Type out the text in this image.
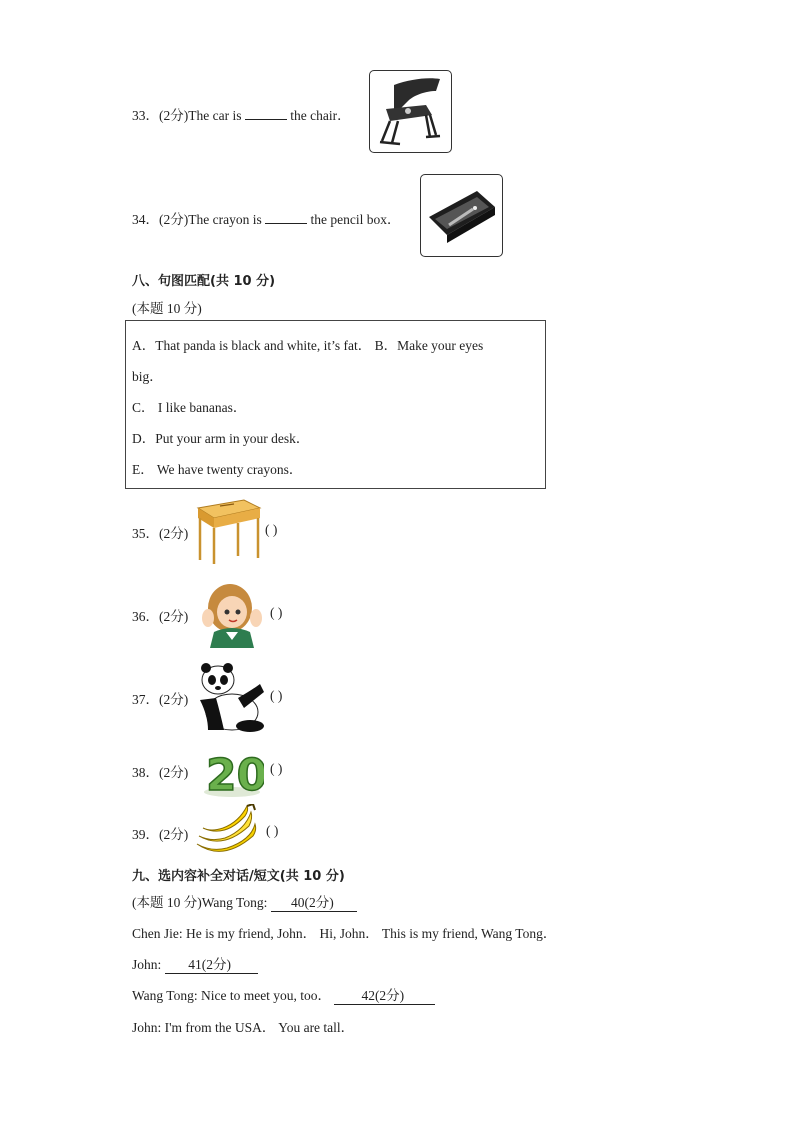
33．(2分)The car is	the chair．
34．(2分)The crayon is	the pencil box．
八、句图匹配(共 10 分)
(本题 10 分)
A．That panda is black and white, it’s fat． B．Make your eyes
big．
C． I like bananas．
D．Put your arm in your desk．
E． We have twenty crayons．
35．(2分)	( )
36．(2分)	( )
37．(2分)	( )
38．(2分) 20 ( )
39．(2分)	( )
九、选内容补全对话/短文(共 10 分)
(本题 10 分)Wang Tong:       40(2分)
Chen Jie: He is my friend, John． Hi, John． This is my friend, Wang Tong．
John:        41(2分)
Wang Tong: Nice to meet you, too．         42(2分)
John: I'm from the USA． You are tall．
